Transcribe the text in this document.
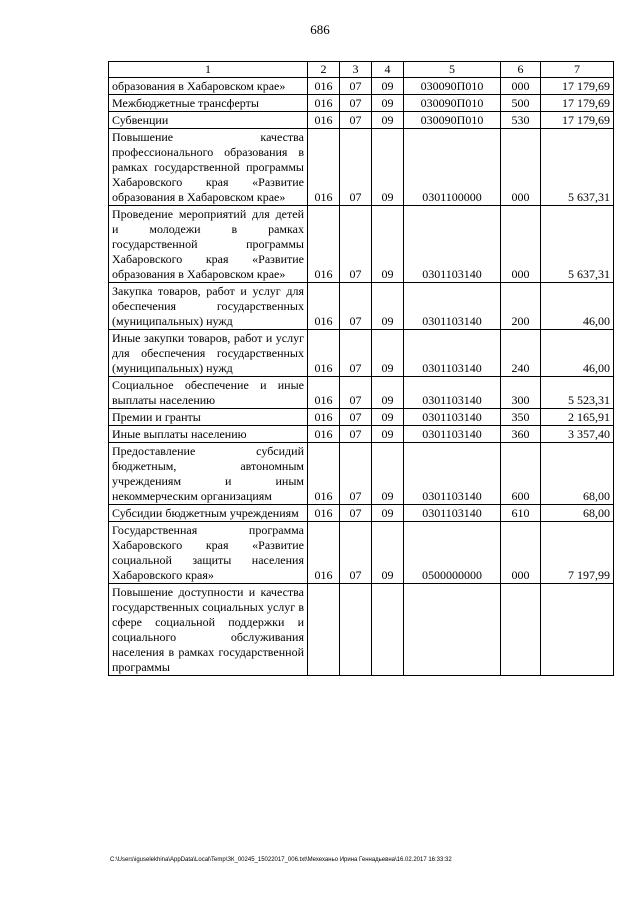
686
1	2	3	4	5	6	7

образования в Хабаровском крае»	016	07	09	030090П010	000	17 179,69

Межбюджетные трансферты	016	07	09	030090П010	500	17 179,69

Субвенции	016	07	09	030090П010	530	17 179,69

Повышение качества профессионального образования в рамках государственной программы Хабаровского края «Развитие образования в Хабаровском крае»	016	07	09	0301100000	000	5 637,31

Проведение мероприятий для детей и молодежи в рамках государственной программы Хабаровского края «Развитие образования в Хабаровском крае»	016	07	09	0301103140	000	5 637,31

Закупка товаров, работ и услуг для обеспечения государственных (муниципальных) нужд	016	07	09	0301103140	200	46,00

Иные закупки товаров, работ и услуг для обеспечения государственных (муниципальных) нужд	016	07	09	0301103140	240	46,00

Социальное обеспечение и иные выплаты населению	016	07	09	0301103140	300	5 523,31

Премии и гранты	016	07	09	0301103140	350	2 165,91

Иные выплаты населению	016	07	09	0301103140	360	3 357,40

Предоставление субсидий бюджетным, автономным учреждениям и иным некоммерческим организациям	016	07	09	0301103140	600	68,00

Субсидии бюджетным учреждениям	016	07	09	0301103140	610	68,00

Государственная программа Хабаровского края «Развитие социальной защиты населения Хабаровского края»	016	07	09	0500000000	000	7 197,99

Повышение доступности и качества государственных социальных услуг в сфере социальной поддержки и социального обслуживания населения в рамках государственной программы						

C:\Users\iguselekhina\AppData\Local\Temp\ЗК_00245_15022017_006.txt\Мехеханьо Ирина Геннадьевна\16.02.2017 16:33:32
